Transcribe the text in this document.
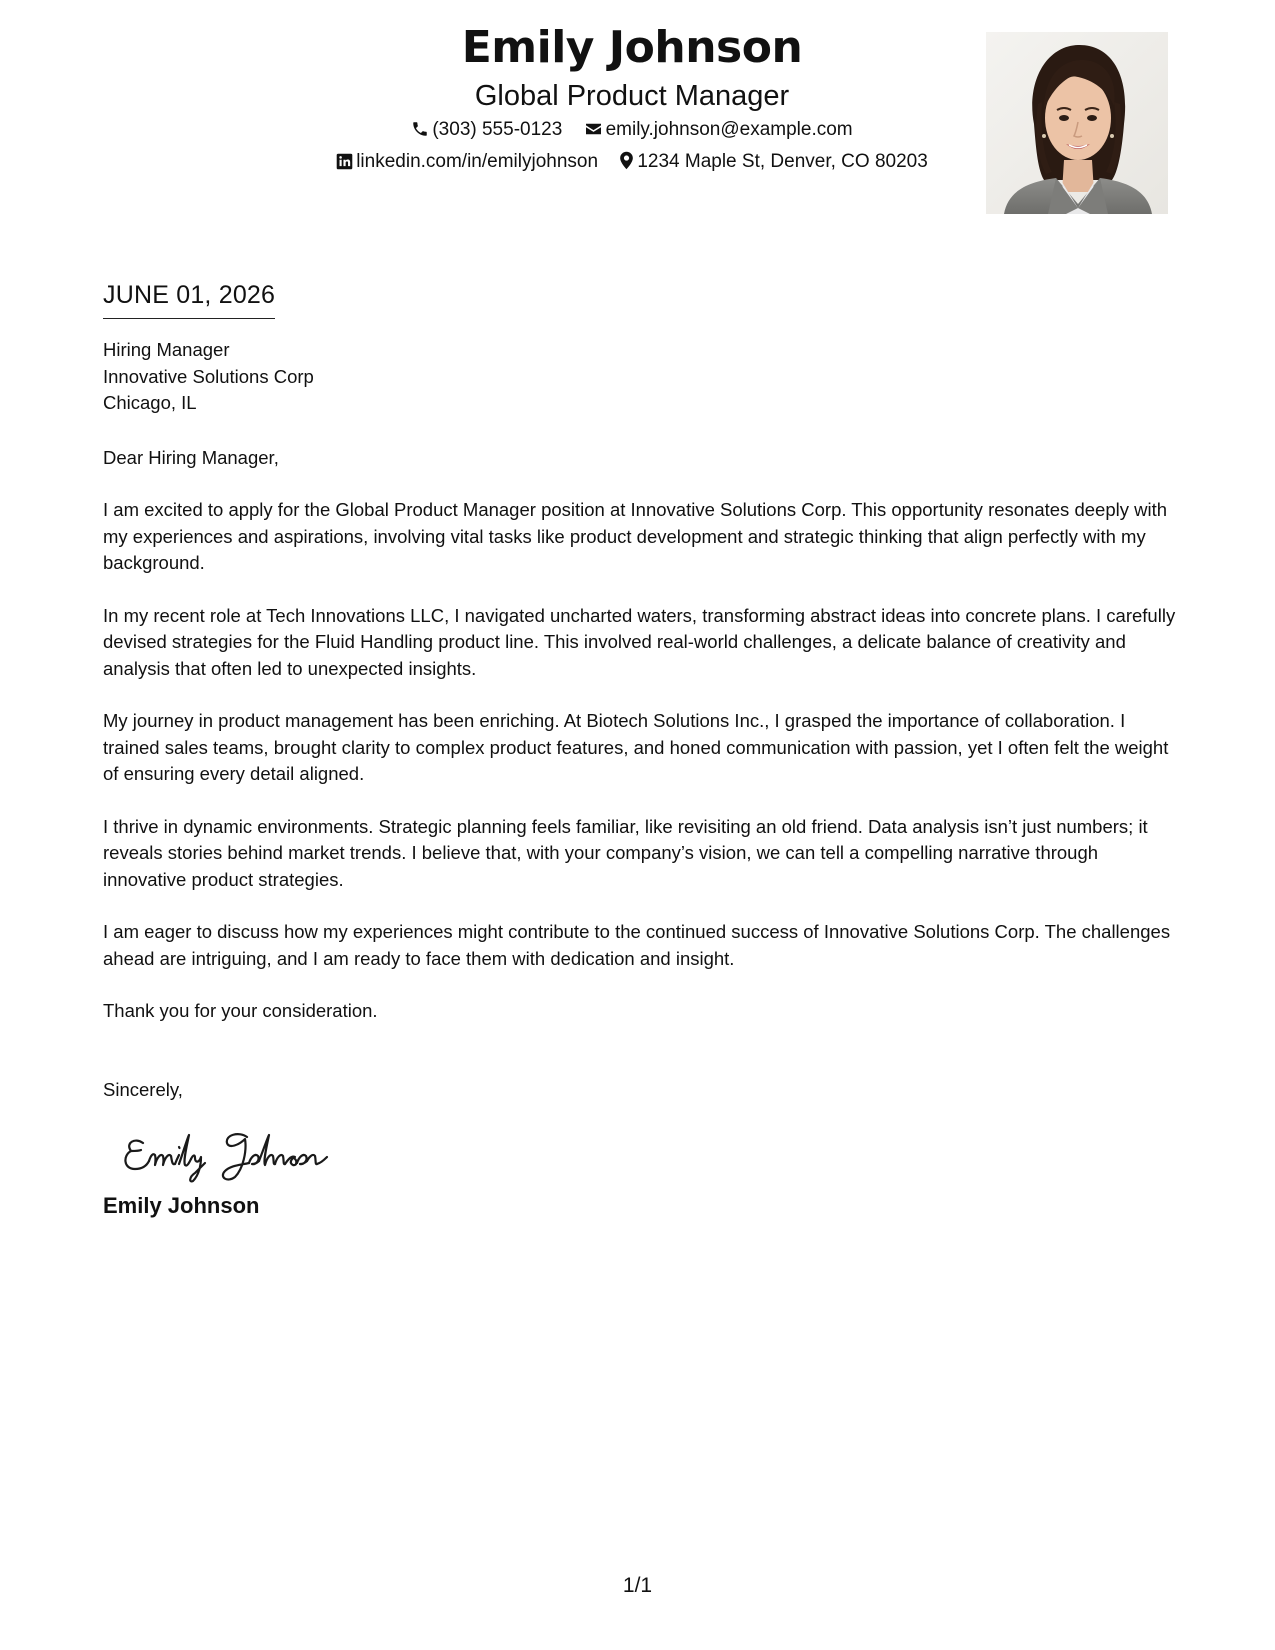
Emily Johnson
Global Product Manager
(303) 555-0123 emily.johnson@example.com
linkedin.com/in/emilyjohnson 1234 Maple St, Denver, CO 80203
JUNE 01, 2026
Hiring Manager
Innovative Solutions Corp
Chicago, IL
Dear Hiring Manager,

I am excited to apply for the Global Product Manager position at Innovative Solutions Corp. This opportunity resonates deeply with my experiences and aspirations, involving vital tasks like product development and strategic thinking that align perfectly with my background.

In my recent role at Tech Innovations LLC, I navigated uncharted waters, transforming abstract ideas into concrete plans. I carefully devised strategies for the Fluid Handling product line. This involved real-world challenges, a delicate balance of creativity and analysis that often led to unexpected insights.

My journey in product management has been enriching. At Biotech Solutions Inc., I grasped the importance of collaboration. I trained sales teams, brought clarity to complex product features, and honed communication with passion, yet I often felt the weight of ensuring every detail aligned.

I thrive in dynamic environments. Strategic planning feels familiar, like revisiting an old friend. Data analysis isn’t just numbers; it reveals stories behind market trends. I believe that, with your company’s vision, we can tell a compelling narrative through innovative product strategies.

I am eager to discuss how my experiences might contribute to the continued success of Innovative Solutions Corp. The challenges ahead are intriguing, and I am ready to face them with dedication and insight.

Thank you for your consideration.

Sincerely,
Emily Johnson
1/1
